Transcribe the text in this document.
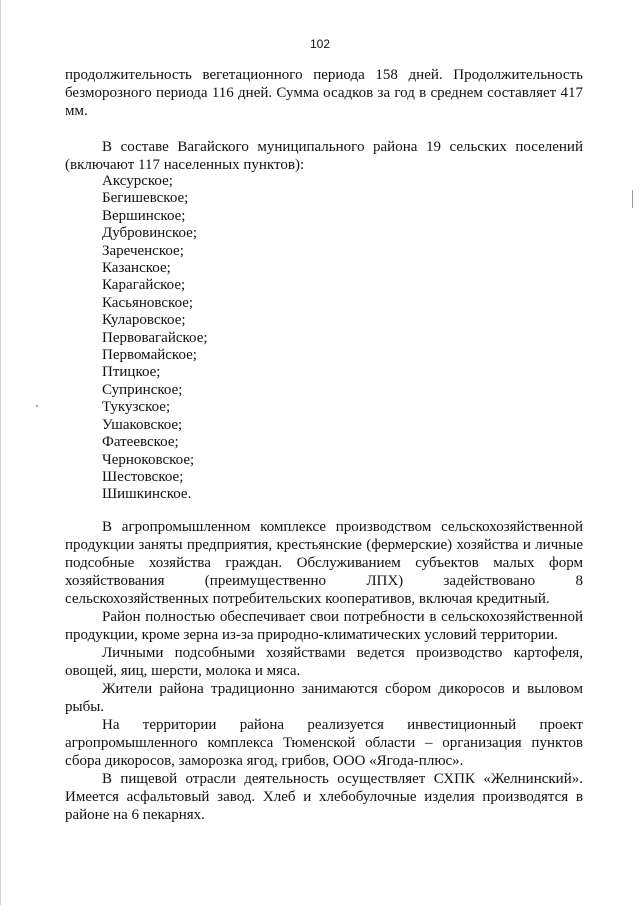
102

продолжительность вегетационного периода 158 дней. Продолжительность

безморозного периода 116 дней. Сумма осадков за год в среднем составляет 417

мм.

В составе Вагайского муниципального района 19 сельских поселений

(включают 117 населенных пунктов):

Аксурское;
Бегишевское;
Вершинское;
Дубровинское;
Зареченское;
Казанское;
Карагайское;
Касьяновское;
Куларовское;
Первовагайское;
Первомайское;
Птицкое;
Супринское;
Тукузское;
Ушаковское;
Фатеевское;
Черноковское;
Шестовское;
Шишкинское.

В агропромышленном комплексе производством сельскохозяйственной

продукции заняты предприятия, крестьянские (фермерские) хозяйства и личные

подсобные хозяйства граждан. Обслуживанием субъектов малых форм

хозяйствования (преимущественно ЛПХ) задействовано 8

сельскохозяйственных потребительских кооперативов, включая кредитный.

Район полностью обеспечивает свои потребности в сельскохозяйственной

продукции, кроме зерна из-за природно-климатических условий территории.

Личными подсобными хозяйствами ведется производство картофеля,

овощей, яиц, шерсти, молока и мяса.

Жители района традиционно занимаются сбором дикоросов и выловом

рыбы.

На территории района реализуется инвестиционный проект

агропромышленного комплекса Тюменской области – организация пунктов

сбора дикоросов, заморозка ягод, грибов, ООО «Ягода-плюс».

В пищевой отрасли деятельность осуществляет СХПК «Желнинский».

Имеется асфальтовый завод. Хлеб и хлебобулочные изделия производятся в

районе на 6 пекарнях.
